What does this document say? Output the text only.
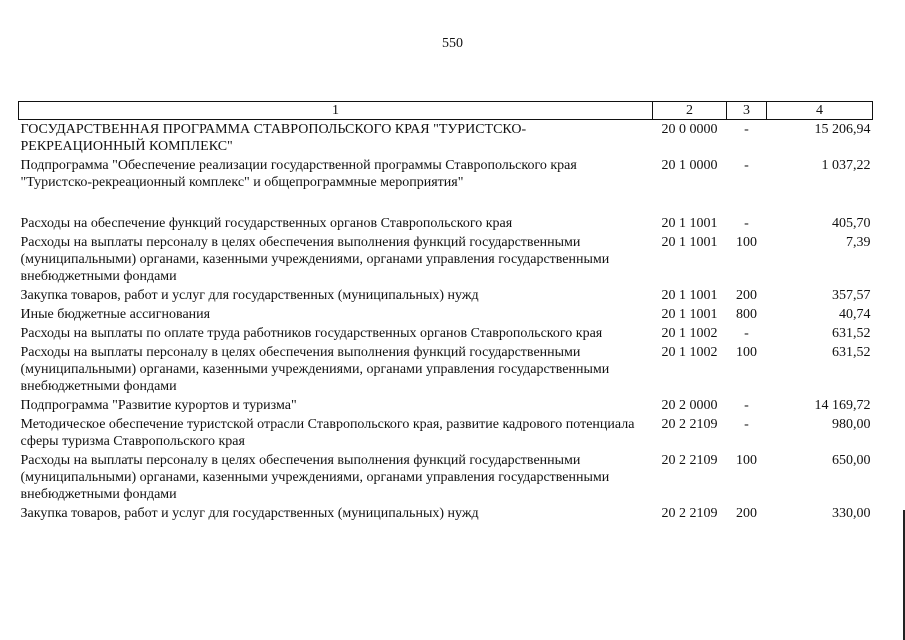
550
1	2	3	4
ГОСУДАРСТВЕННАЯ ПРОГРАММА СТАВРОПОЛЬСКОГО КРАЯ "ТУРИСТСКО-РЕКРЕАЦИОННЫЙ КОМПЛЕКС"	20 0 0000	-	15 206,94
Подпрограмма "Обеспечение реализации государственной программы Ставропольского края "Туристско-рекреационный комплекс" и общепрограммные мероприятия"	20 1 0000	-	1 037,22

Расходы на обеспечение функций государственных органов Ставропольского края	20 1 1001	-	405,70
Расходы на выплаты персоналу в целях обеспечения выполнения функций государственными (муниципальными) органами, казенными учреждениями, органами управления государственными внебюджетными фондами	20 1 1001	100	7,39
Закупка товаров, работ и услуг для государственных (муниципальных) нужд	20 1 1001	200	357,57
Иные бюджетные ассигнования	20 1 1001	800	40,74
Расходы на выплаты по оплате труда работников государственных органов Ставропольского края	20 1 1002	-	631,52
Расходы на выплаты персоналу в целях обеспечения выполнения функций государственными (муниципальными) органами, казенными учреждениями, органами управления государственными внебюджетными фондами	20 1 1002	100	631,52
Подпрограмма "Развитие курортов и туризма"	20 2 0000	-	14 169,72
Методическое обеспечение туристской отрасли Ставропольского края, развитие кадрового потенциала сферы туризма Ставропольского края	20 2 2109	-	980,00
Расходы на выплаты персоналу в целях обеспечения выполнения функций государственными (муниципальными) органами, казенными учреждениями, органами управления государственными внебюджетными фондами	20 2 2109	100	650,00
Закупка товаров, работ и услуг для государственных (муниципальных) нужд	20 2 2109	200	330,00
